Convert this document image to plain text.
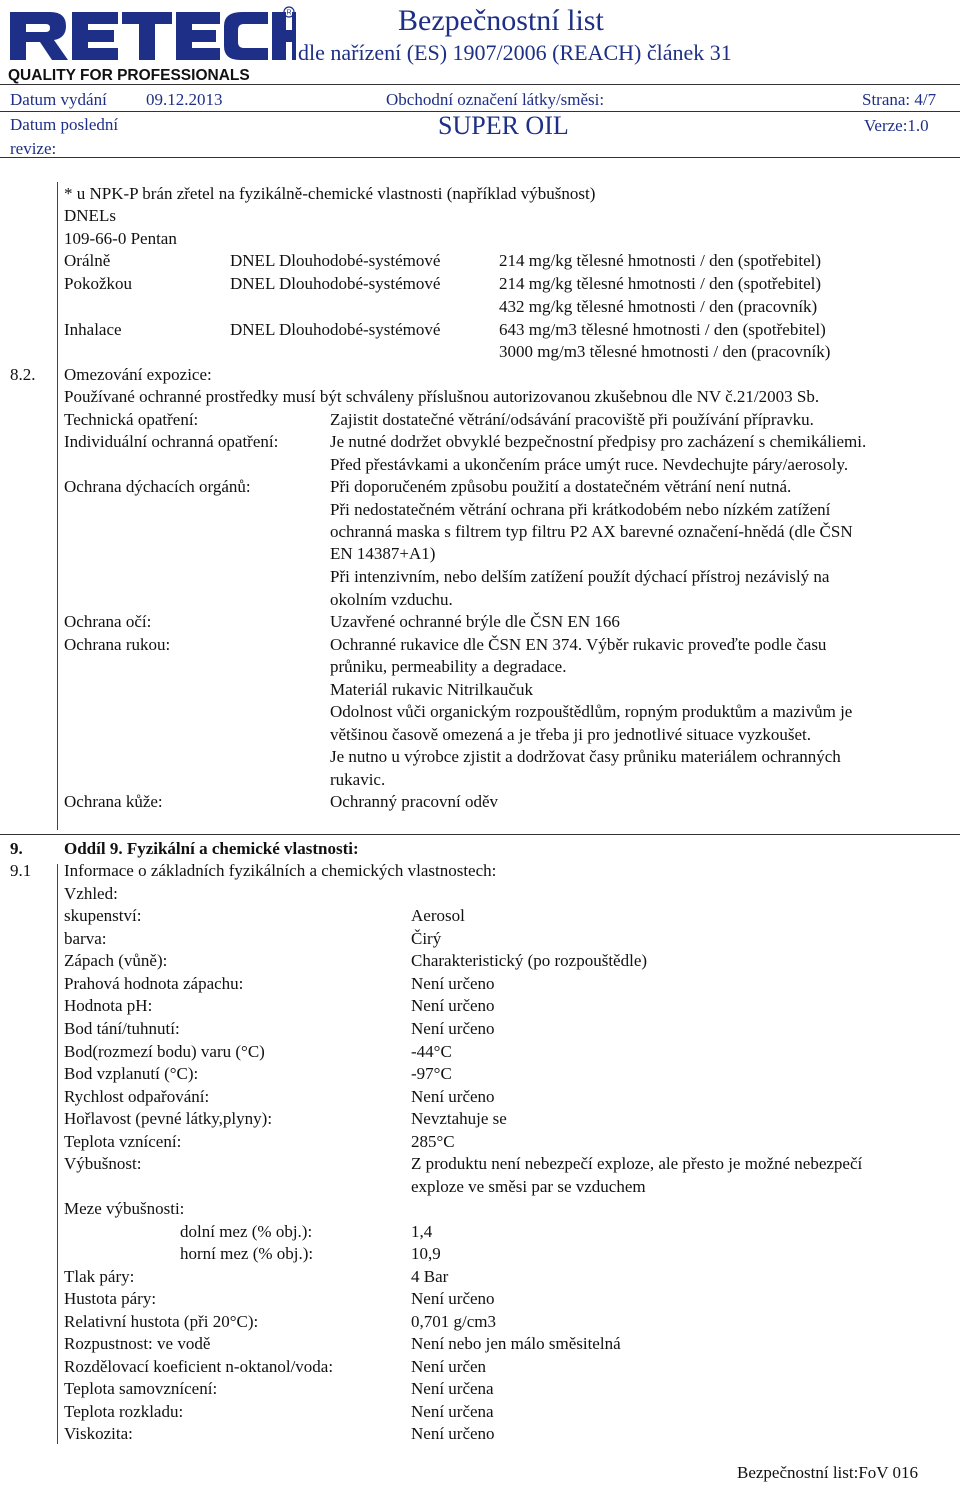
R
QUALITY FOR PROFESSIONALS
Bezpečnostní list
dle nařízení (ES) 1907/2006 (REACH) článek 31
Datum vydání 09.12.2013	Obchodní označení látky/směsi:	Strana: 4/7
Datum poslední revize:
SUPER OIL	Verze:1.0
* u NPK-P brán zřetel na fyzikálně-chemické vlastnosti (například výbušnost)
DNELs
109-66-0 Pentan
Orálně	DNEL Dlouhodobé-systémové	214 mg/kg tělesné hmotnosti / den (spotřebitel)
Pokožkou	DNEL Dlouhodobé-systémové	214 mg/kg tělesné hmotnosti / den (spotřebitel)
432 mg/kg tělesné hmotnosti / den (pracovník)
Inhalace	DNEL Dlouhodobé-systémové	643 mg/m3 tělesné hmotnosti / den (spotřebitel)
3000 mg/m3 tělesné hmotnosti / den (pracovník)
8.2. Omezování expozice:
Používané ochranné prostředky musí být schváleny příslušnou autorizovanou zkušebnou dle NV č.21/2003 Sb.
Technická opatření:	Zajistit dostatečné větrání/odsávání pracoviště při používání přípravku.
Individuální ochranná opatření:	Je nutné dodržet obvyklé bezpečnostní předpisy pro zacházení s chemikáliemi.
Před přestávkami a ukončením práce umýt ruce. Nevdechujte páry/aerosoly.
Ochrana dýchacích orgánů:	Při doporučeném způsobu použití a dostatečném větrání není nutná.
Při nedostatečném větrání ochrana při krátkodobém nebo nízkém zatížení
ochranná maska s filtrem typ filtru P2 AX barevné označení-hnědá (dle ČSN
EN 14387+A1)
Při intenzivním, nebo delším zatížení použít dýchací přístroj nezávislý na
okolním vzduchu.
Ochrana očí:	Uzavřené ochranné brýle dle ČSN EN 166
Ochrana rukou:	Ochranné rukavice dle ČSN EN 374. Výběr rukavic proveďte podle času
průniku, permeability a degradace.
Materiál rukavic Nitrilkaučuk
Odolnost vůči organickým rozpouštědlům, ropným produktům a mazivům je
většinou časově omezená a je třeba ji pro jednotlivé situace vyzkoušet.
Je nutno u výrobce zjistit a dodržovat časy průniku materiálem ochranných
rukavic.
Ochrana kůže:	Ochranný pracovní oděv
9. Oddíl 9. Fyzikální a chemické vlastnosti:
9.1 Informace o základních fyzikálních a chemických vlastnostech:
Vzhled:
skupenství:	Aerosol
barva:	Čirý
Zápach (vůně):	Charakteristický (po rozpouštědle)
Prahová hodnota zápachu:	Není určeno
Hodnota pH:	Není určeno
Bod tání/tuhnutí:	Není určeno
Bod(rozmezí bodu) varu (°C)	-44°C
Bod vzplanutí (°C):	-97°C
Rychlost odpařování:	Není určeno
Hořlavost (pevné látky,plyny):	Nevztahuje se
Teplota vznícení:	285°C
Výbušnost:	Z produktu není nebezpečí exploze, ale přesto je možné nebezpečí
exploze ve směsi par se vzduchem
Meze výbušnosti:
dolní mez (% obj.):	1,4
horní mez (% obj.):	10,9
Tlak páry:	4 Bar
Hustota páry:	Není určeno
Relativní hustota (při 20°C):	0,701 g/cm3
Rozpustnost: ve vodě	Není nebo jen málo směsitelná
Rozdělovací koeficient n-oktanol/voda:	Není určen
Teplota samovznícení:	Není určena
Teplota rozkladu:	Není určena
Viskozita:	Není určeno
Bezpečnostní list:FoV 016
